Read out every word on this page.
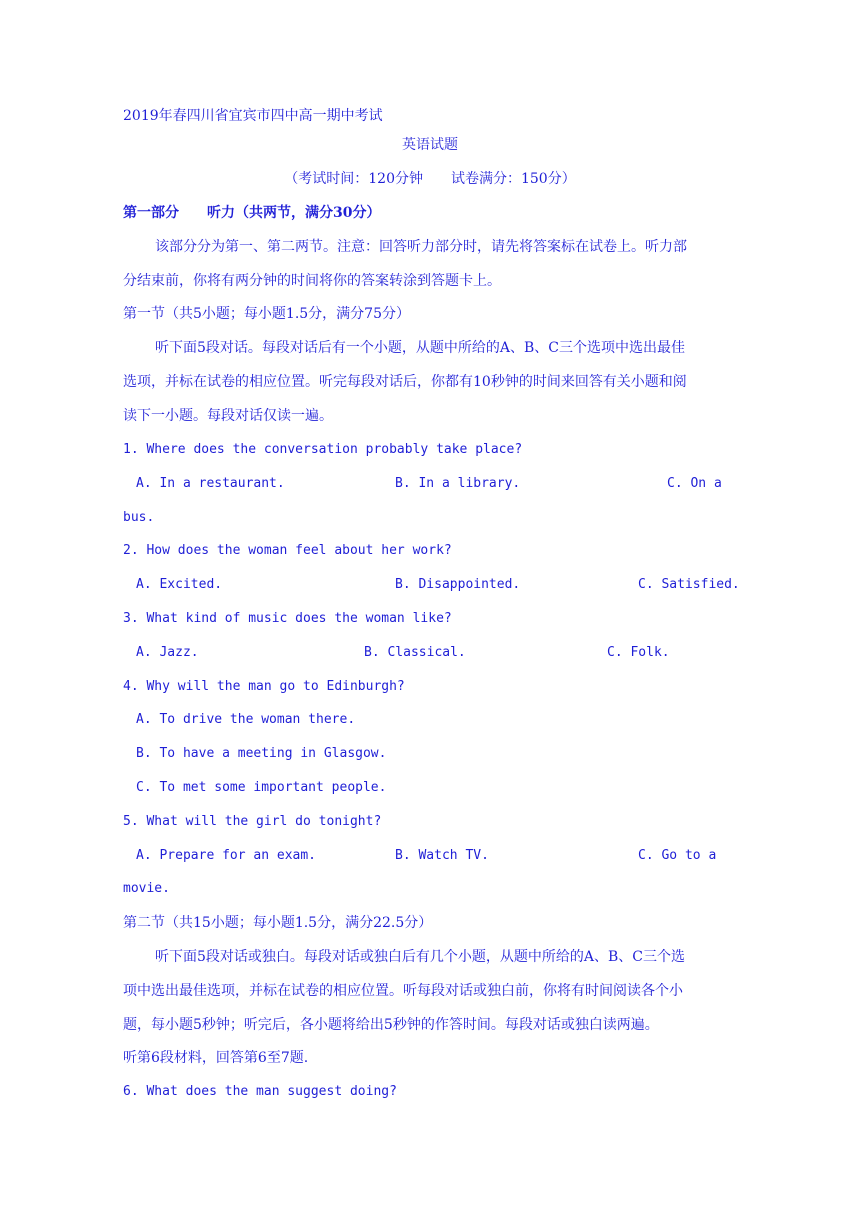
2019年春四川省宜宾市四中高一期中考试
英语试题
（考试时间：120分钟　　试卷满分：150分）
第一部分　　听力（共两节，满分30分）
该部分分为第一、第二两节。注意：回答听力部分时，请先将答案标在试卷上。听力部
分结束前，你将有两分钟的时间将你的答案转涂到答题卡上。
第一节（共5小题；每小题1.5分，满分75分）
听下面5段对话。每段对话后有一个小题，从题中所给的A、B、C三个选项中选出最佳
选项，并标在试卷的相应位置。听完每段对话后，你都有10秒钟的时间来回答有关小题和阅
读下一小题。每段对话仅读一遍。
1. Where does the conversation probably take place?
A. In a restaurant.	B. In a library.	C. On a
bus.
2. How does the woman feel about her work?
A. Excited.	B. Disappointed.	C. Satisfied.
3. What kind of music does the woman like?
A. Jazz.	B. Classical.	C. Folk.
4. Why will the man go to Edinburgh?
A. To drive the woman there.
B. To have a meeting in Glasgow.
C. To met some important people.
5. What will the girl do tonight?
A. Prepare for an exam.	B. Watch TV.	C. Go to a
movie.
第二节（共15小题；每小题1.5分，满分22.5分）
听下面5段对话或独白。每段对话或独白后有几个小题，从题中所给的A、B、C三个选
项中选出最佳选项，并标在试卷的相应位置。听每段对话或独白前，你将有时间阅读各个小
题，每小题5秒钟；听完后，各小题将给出5秒钟的作答时间。每段对话或独白读两遍。
听第6段材料，回答第6至7题.
6. What does the man suggest doing?
